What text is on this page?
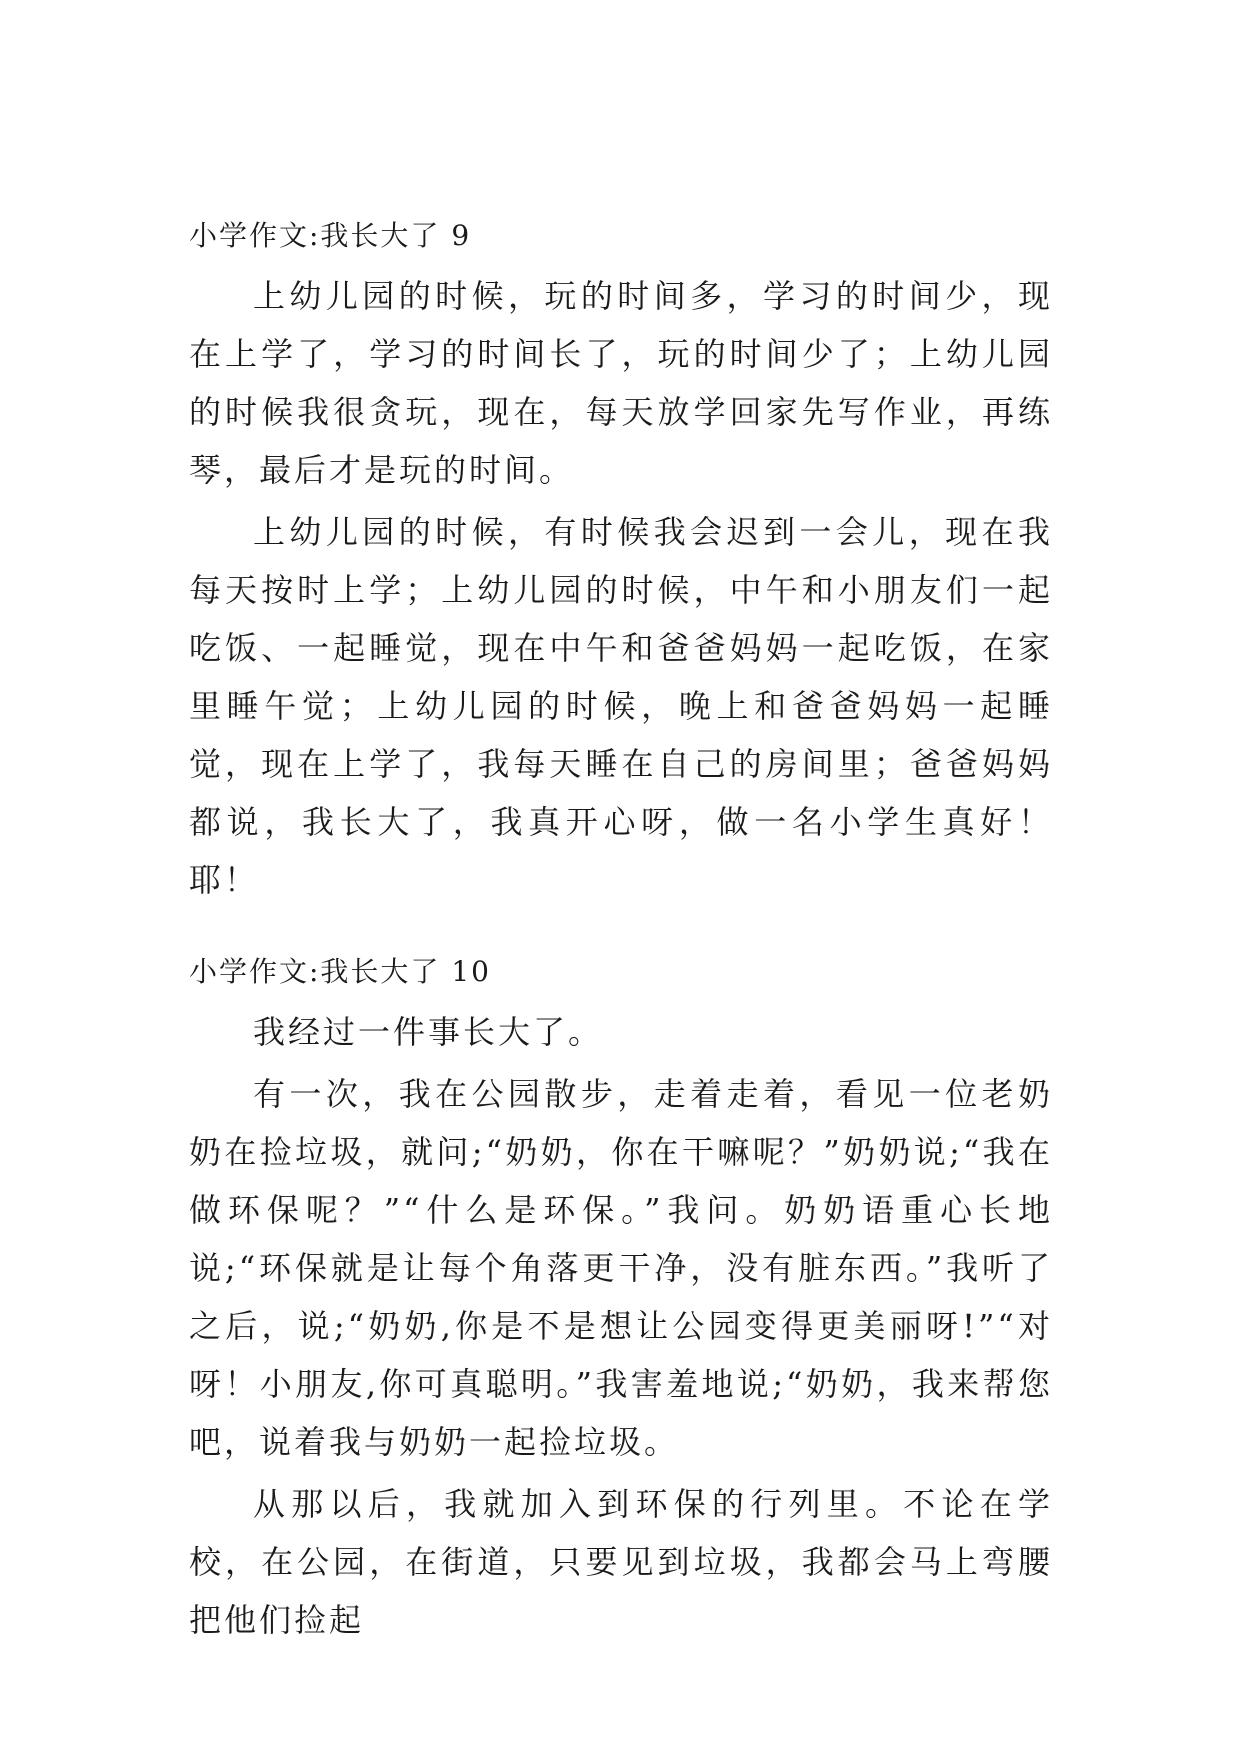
小学作文:我长大了 9

上幼儿园的时候，玩的时间多，学习的时间少，现在上学了，学习的时间长了，玩的时间少了；上幼儿园的时候我很贪玩，现在，每天放学回家先写作业，再练琴，最后才是玩的时间。

上幼儿园的时候，有时候我会迟到一会儿，现在我每天按时上学；上幼儿园的时候，中午和小朋友们一起吃饭、一起睡觉，现在中午和爸爸妈妈一起吃饭，在家里睡午觉；上幼儿园的时候，晚上和爸爸妈妈一起睡觉，现在上学了，我每天睡在自己的房间里；爸爸妈妈都说，我长大了，我真开心呀，做一名小学生真好！耶！

小学作文:我长大了 10

我经过一件事长大了。

有一次，我在公园散步，走着走着，看见一位老奶奶在捡垃圾，就问;“奶奶，你在干嘛呢？”奶奶说;“我在做环保呢？”“什么是环保。”我问。奶奶语重心长地说;“环保就是让每个角落更干净，没有脏东西。”我听了之后，说;“奶奶,你是不是想让公园变得更美丽呀!”“对呀！小朋友,你可真聪明。”我害羞地说;“奶奶，我来帮您吧，说着我与奶奶一起捡垃圾。

从那以后，我就加入到环保的行列里。不论在学校，在公园，在街道，只要见到垃圾，我都会马上弯腰把他们捡起
